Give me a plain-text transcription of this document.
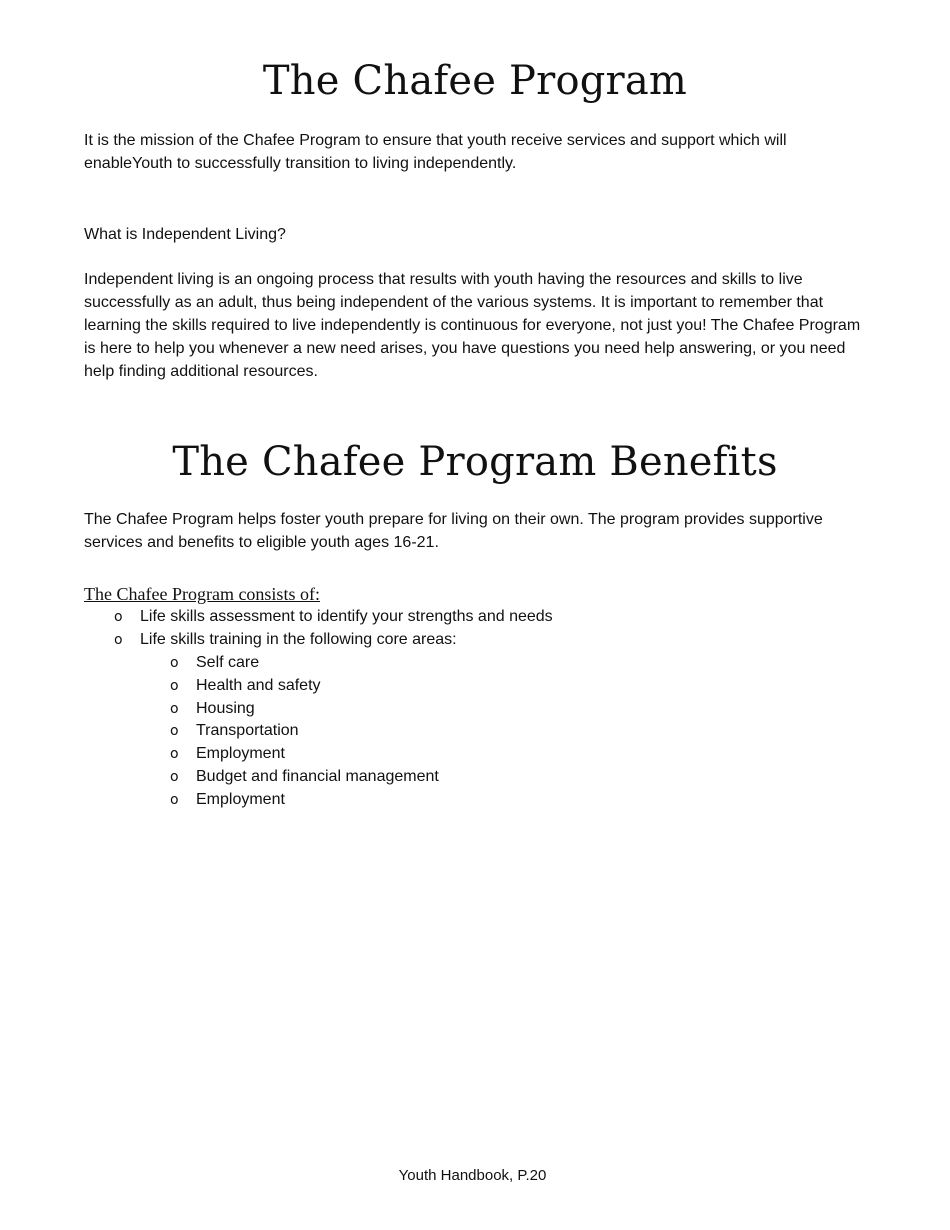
The Chafee Program

It is the mission of the Chafee Program to ensure that youth receive services and support which will enableYouth to successfully transition to living independently.

What is Independent Living?

Independent living is an ongoing process that results with youth having the resources and skills to live successfully as an adult, thus being independent of the various systems. It is important to remember that learning the skills required to live independently is continuous for everyone, not just you! The Chafee Program is here to help you whenever a new need arises, you have questions you need help answering, or you need help finding additional resources.

The Chafee Program Benefits

The Chafee Program helps foster youth prepare for living on their own. The program provides supportive services and benefits to eligible youth ages 16-21.

The Chafee Program consists of:

o Life skills assessment to identify your strengths and needs
o Life skills training in the following core areas:
o Self care
o Health and safety
o Housing
o Transportation
o Employment
o Budget and financial management
o Employment

Youth Handbook, P.20
